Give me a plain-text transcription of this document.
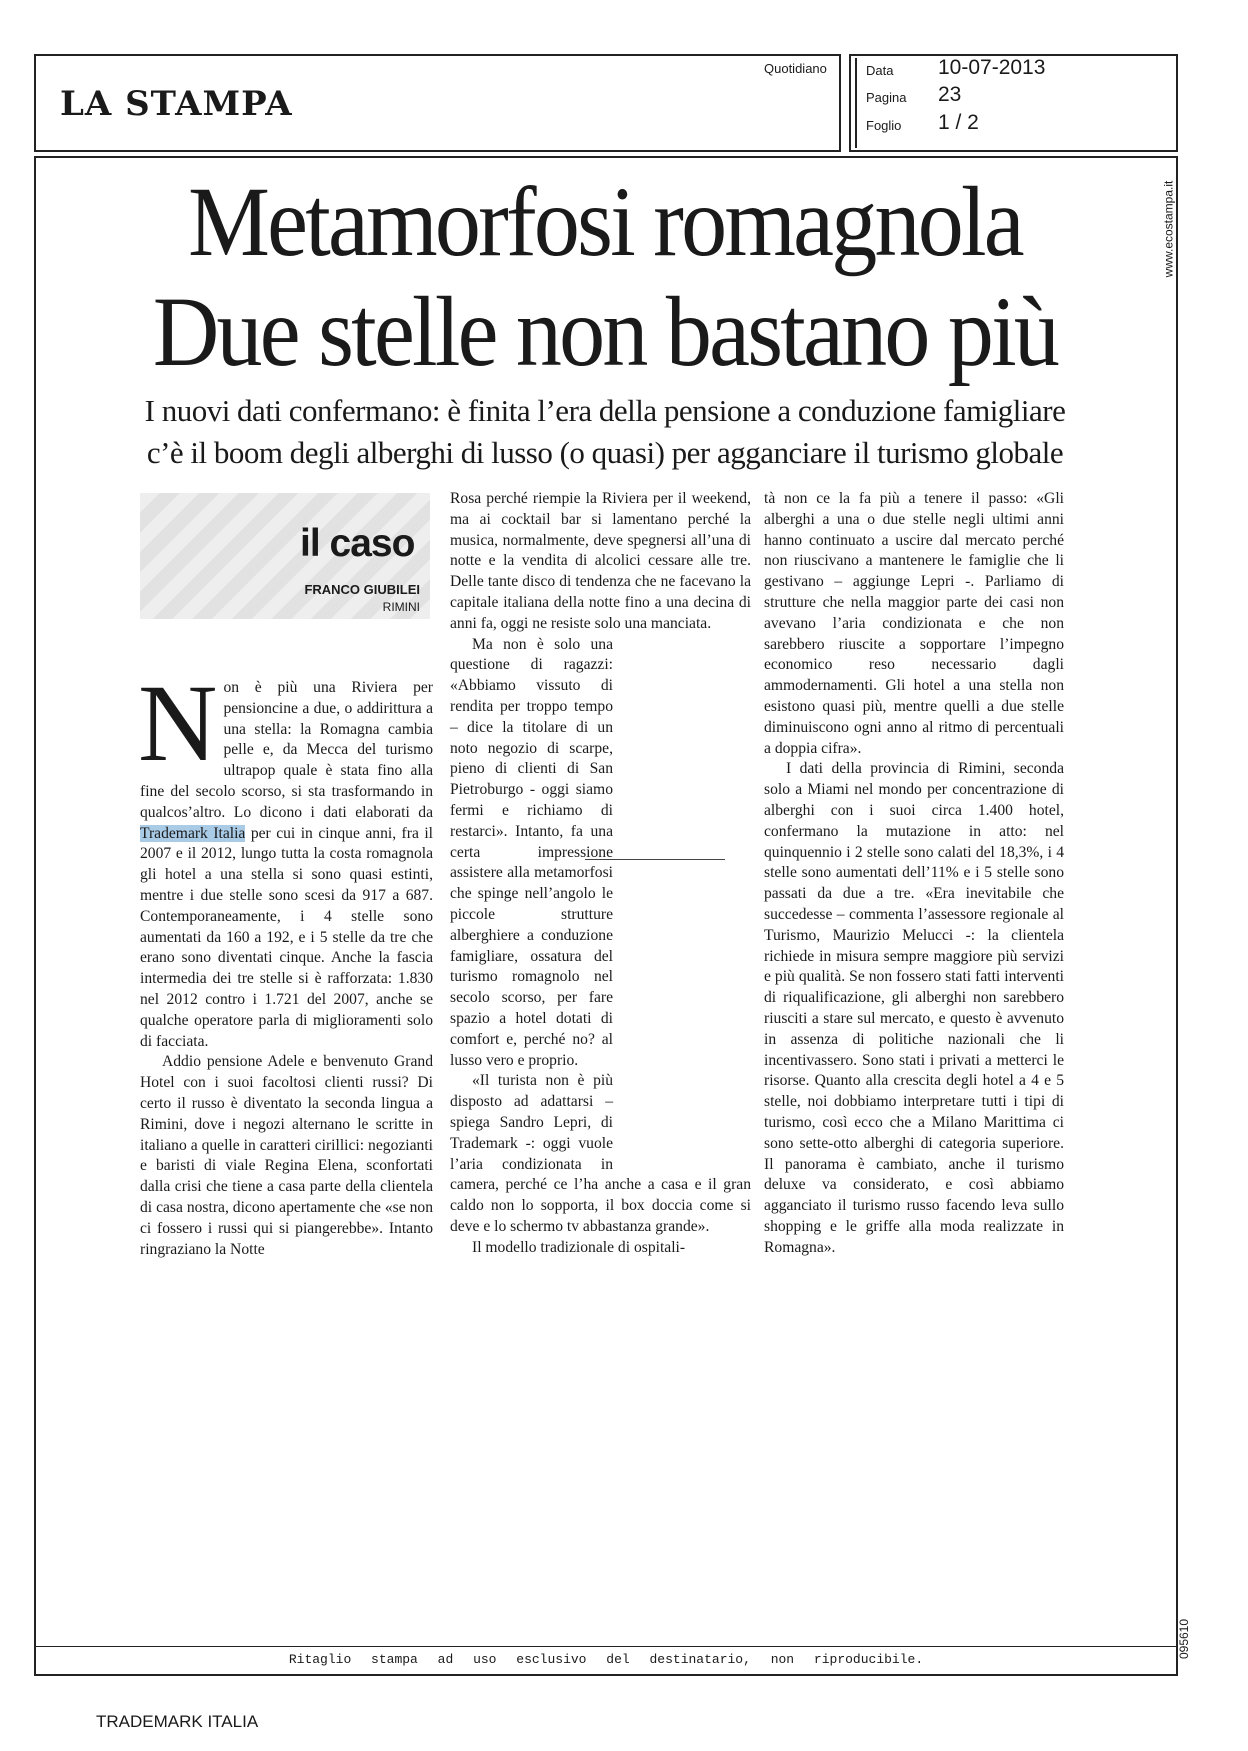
LA STAMPA
Quotidiano	Data 10-07-2013
Pagina 23
Foglio 1 / 2
www.ecostampa.it
095610
Metamorfosi romagnola
Due stelle non bastano più
I nuovi dati confermano: è finita l’era della pensione a conduzione famigliare
c’è il boom degli alberghi di lusso (o quasi) per agganciare il turismo globale
il caso
FRANCO GIUBILEI
RIMINI

Non è più una Riviera per pensioncine a due, o addirittura a una stella: la Romagna cambia pelle e, da Mecca del turismo ultrapop quale è stata fino alla fine del secolo scorso, si sta trasformando in qualcos’altro. Lo dicono i dati elaborati da Trademark Italia per cui in cinque anni, fra il 2007 e il 2012, lungo tutta la costa romagnola gli hotel a una stella si sono quasi estinti, mentre i due stelle sono scesi da 917 a 687. Contemporaneamente, i 4 stelle sono aumentati da 160 a 192, e i 5 stelle da tre che erano sono diventati cinque. Anche la fascia intermedia dei tre stelle si è rafforzata: 1.830 nel 2012 contro i 1.721 del 2007, anche se qualche operatore parla di miglioramenti solo di facciata.

Addio pensione Adele e benvenuto Grand Hotel con i suoi facoltosi clienti russi? Di certo il russo è diventato la seconda lingua a Rimini, dove i negozi alternano le scritte in italiano a quelle in caratteri cirillici: negozianti e baristi di viale Regina Elena, sconfortati dalla crisi che tiene a casa parte della clientela di casa nostra, dicono apertamente che «se non ci fossero i russi qui si piangerebbe». Intanto ringraziano la Notte

Rosa perché riempie la Riviera per il weekend, ma ai cocktail bar si lamentano perché la musica, normalmente, deve spegnersi all’una di notte e la vendita di alcolici cessare alle tre. Delle tante disco di tendenza che ne facevano la capitale italiana della notte fino a una decina di anni fa, oggi ne resiste solo una manciata.

Ma non è solo una questione di ragazzi: «Abbiamo vissuto di rendita per troppo tempo – dice la titolare di un noto negozio di scarpe, pieno di clienti di San Pietroburgo - oggi siamo fermi e richiamo di restarci». Intanto, fa una certa impressione assistere alla metamorfosi che spinge nell’angolo le piccole strutture alberghiere a conduzione famigliare, ossatura del turismo romagnolo nel secolo scorso, per fare spazio a hotel dotati di comfort e, perché no? al lusso vero e proprio.

«Il turista non è più disposto ad adattarsi – spiega Sandro Lepri, di Trademark -: oggi vuole l’aria condizionata in camera, perché ce l’ha anche a casa e il gran caldo non lo sopporta, il box doccia come si deve e lo schermo tv abbastanza grande».

Il modello tradizionale di ospitali-

tà non ce la fa più a tenere il passo: «Gli alberghi a una o due stelle negli ultimi anni hanno continuato a uscire dal mercato perché non riuscivano a mantenere le famiglie che li gestivano – aggiunge Lepri -. Parliamo di strutture che nella maggior parte dei casi non avevano l’aria condizionata e che non sarebbero riuscite a sopportare l’impegno economico reso necessario dagli ammodernamenti. Gli hotel a una stella non esistono quasi più, mentre quelli a due stelle diminuiscono ogni anno al ritmo di percentuali a doppia cifra».

I dati della provincia di Rimini, seconda solo a Miami nel mondo per concentrazione di alberghi con i suoi circa 1.400 hotel, confermano la mutazione in atto: nel quinquennio i 2 stelle sono calati del 18,3%, i 4 stelle sono aumentati dell’11% e i 5 stelle sono passati da due a tre. «Era inevitabile che succedesse – commenta l’assessore regionale al Turismo, Maurizio Melucci -: la clientela richiede in misura sempre maggiore più servizi e più qualità. Se non fossero stati fatti interventi di riqualificazione, gli alberghi non sarebbero riusciti a stare sul mercato, e questo è avvenuto in assenza di politiche nazionali che li incentivassero. Sono stati i privati a metterci le risorse. Quanto alla crescita degli hotel a 4 e 5 stelle, noi dobbiamo interpretare tutti i tipi di turismo, così ecco che a Milano Marittima ci sono sette-otto alberghi di categoria superiore. Il panorama è cambiato, anche il turismo deluxe va considerato, e così abbiamo agganciato il turismo russo facendo leva sullo shopping e le griffe alla moda realizzate in Romagna».

Ritaglio stampa ad uso esclusivo del destinatario, non riproducibile.
TRADEMARK ITALIA
